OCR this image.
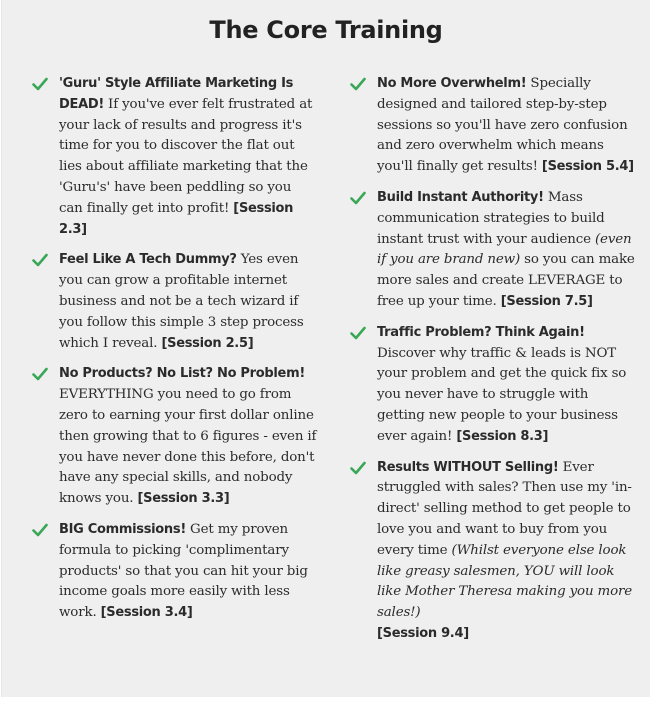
The Core Training
'Guru' Style Affiliate Marketing Is DEAD! If you've ever felt frustrated at your lack of results and progress it's time for you to discover the flat out lies about affiliate marketing that the 'Guru's' have been peddling so you can finally get into profit! [Session 2.3]
Feel Like A Tech Dummy? Yes even you can grow a profitable internet business and not be a tech wizard if you follow this simple 3 step process which I reveal. [Session 2.5]
No Products? No List? No Problem! EVERYTHING you need to go from zero to earning your first dollar online then growing that to 6 figures - even if you have never done this before, don't have any special skills, and nobody knows you. [Session 3.3]
BIG Commissions! Get my proven formula to picking 'complimentary products' so that you can hit your big income goals more easily with less work. [Session 3.4]
No More Overwhelm! Specially designed and tailored step-by-step sessions so you'll have zero confusion and zero overwhelm which means you'll finally get results! [Session 5.4]
Build Instant Authority! Mass communication strategies to build instant trust with your audience (even if you are brand new) so you can make more sales and create LEVERAGE to free up your time. [Session 7.5]
Traffic Problem? Think Again! Discover why traffic & leads is NOT your problem and get the quick fix so you never have to struggle with getting new people to your business ever again! [Session 8.3]
Results WITHOUT Selling! Ever struggled with sales? Then use my 'in-direct' selling method to get people to love you and want to buy from you every time (Whilst everyone else look like greasy salesmen, YOU will look like Mother Theresa making you more sales!)
[Session 9.4]
